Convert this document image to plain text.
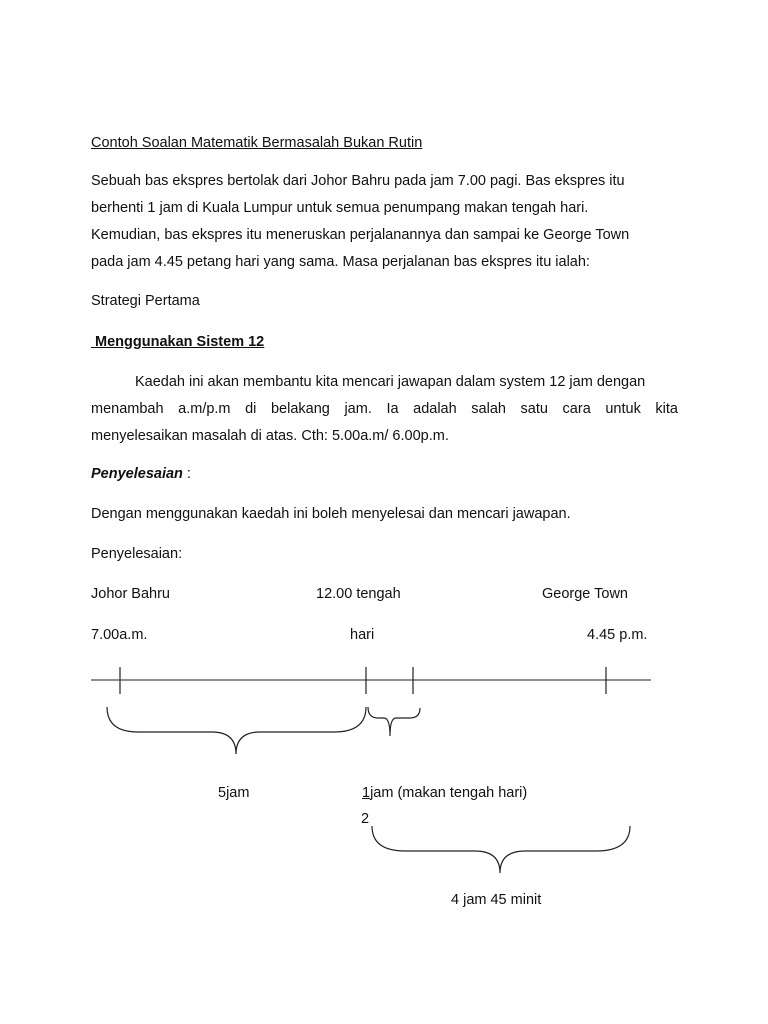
Contoh Soalan Matematik Bermasalah Bukan Rutin
Sebuah bas ekspres bertolak dari Johor Bahru pada jam 7.00 pagi. Bas ekspres itu
berhenti 1 jam di Kuala Lumpur untuk semua penumpang makan tengah hari.
Kemudian, bas ekspres itu meneruskan perjalanannya dan sampai ke George Town
pada jam 4.45 petang hari yang sama. Masa perjalanan bas ekspres itu ialah:
Strategi Pertama
Menggunakan Sistem 12
Kaedah ini akan membantu kita mencari jawapan dalam system 12 jam dengan
menambah a.m/p.m di belakang jam. Ia adalah salah satu cara untuk kita
menyelesaikan masalah di atas. Cth: 5.00a.m/ 6.00p.m.
Penyelesaian :
Dengan menggunakan kaedah ini boleh menyelesai dan mencari jawapan.
Penyelesaian:
Johor Bahru	12.00 tengah	George Town
7.00a.m.	hari	4.45 p.m.
5jam	1jam (makan tengah hari)
2
4 jam 45 minit
